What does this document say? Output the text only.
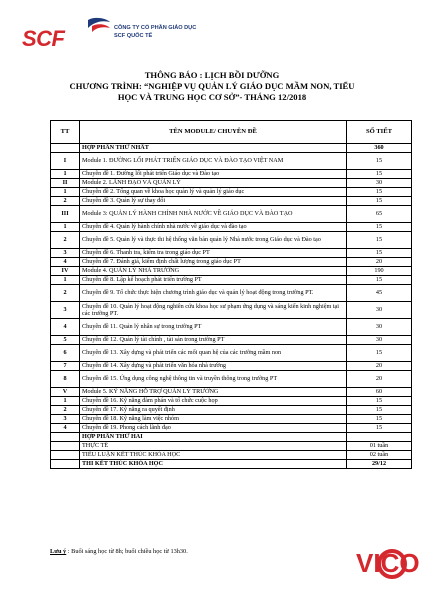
SCF	CÔNG TY CỔ PHẦN GIÁO DỤC
SCF QUỐC TẾ
THÔNG BÁO : LỊCH BỒI DƯỠNG
CHƯƠNG TRÌNH: “NGHIỆP VỤ QUẢN LÝ GIÁO DỤC MẦM NON, TIỂU
HỌC VÀ TRUNG HỌC CƠ SỞ”- THÁNG 12/2018
TT	TÊN MODULE/ CHUYÊN ĐỀ	SỐ TIẾT
	HỢP PHẦN THỨ NHẤT	360
I	Module 1. ĐƯỜNG LỐI PHÁT TRIỂN GIÁO DỤC VÀ ĐÀO TẠO VIỆT NAM	15
1	Chuyên đề 1. Đường lối phát triển Giáo dục và Đào tạo	15
II	Module 2. LÃNH ĐẠO VÀ QUẢN LÝ	30
1	Chuyên đề 2. Tổng quan về khoa học quản lý và quản lý giáo dục	15
2	Chuyên đề 3. Quản lý sự thay đổi	15
III	Module 3: QUẢN LÝ HÀNH CHÍNH NHÀ NƯỚC VỀ GIÁO DỤC VÀ ĐÀO TẠO	65
1	Chuyên đề 4. Quản lý hành chính nhà nước về giáo dục và đào tạo	15
2	Chuyên đề 5. Quản lý và thực thi hệ thống văn bản quản lý Nhà nước trong Giáo dục và Đào tạo	15
3	Chuyên đề 6. Thanh tra, kiểm tra trong giáo dục PT	15
4	Chuyên đề 7. Đánh giá, kiểm định chất lượng trong giáo dục PT	20
IV	Module 4. QUẢN LÝ NHÀ TRƯỜNG	190
1	Chuyên đề 8. Lập kế hoạch phát triển trường PT	15
2	Chuyên đề 9. Tổ chức thực hiện chương trình giáo dục và quản lý hoạt động trong trường PT.	45
3	Chuyên đề 10. Quản lý hoạt động nghiên cứu khoa học sư phạm ứng dụng và sáng kiến kinh nghiệm tại các trường PT.	30
4	Chuyên đề 11. Quản lý nhân sự trong trường PT	30
5	Chuyên đề 12. Quản lý tài chính , tài sản trong trường PT	30
6	Chuyên đề 13. Xây dựng và phát triển các mối quan hệ của các trường mầm non	15
7	Chuyên đề 14. Xây dựng và phát triển văn hóa nhà trường	20
8	Chuyên đề 15. Ứng dụng công nghệ thông tin và truyền thông trong trường PT	20
V	Module 5. KỸ NĂNG HỖ TRỢ QUẢN LÝ TRƯỜNG	60
1	Chuyên đề 16. Kỹ năng đàm phán và tổ chức cuộc họp	15
2	Chuyên đề 17. Kỹ năng ra quyết định	15
3	Chuyên đề 18. Kỹ năng làm việc nhóm	15
4	Chuyên đề 19. Phong cách lãnh đạo	15
	HỢP PHẦN THỨ HAI	
	THỰC TẾ	01 tuần
	TIỂU LUẬN KẾT THÚC KHÓA HỌC	02 tuần
	THI KẾT THÚC KHÓA HỌC	29/12
Lưu ý : Buổi sáng học từ 8h; buổi chiều học từ 13h30.	VICO
